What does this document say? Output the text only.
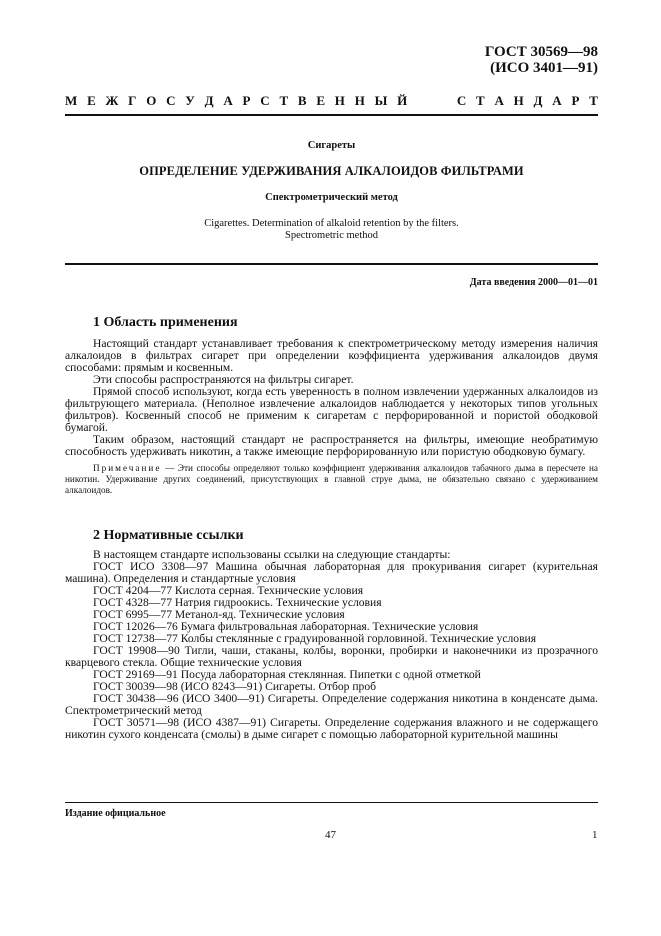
ГОСТ 30569—98
(ИСО 3401—91)
М Е Ж Г О С У Д А Р С Т В Е Н Н Ы Й	С Т А Н Д А Р Т
Сигареты
ОПРЕДЕЛЕНИЕ УДЕРЖИВАНИЯ АЛКАЛОИДОВ ФИЛЬТРАМИ
Спектрометрический метод
Cigarettes. Determination of alkaloid retention by the filters.
Spectrometric method
Дата введения 2000—01—01
1 Область применения

Настоящий стандарт устанавливает требования к спектрометрическому методу измерения наличия алкалоидов в фильтрах сигарет при определении коэффициента удерживания алкалоидов двумя способами: прямым и косвенным.

Эти способы распространяются на фильтры сигарет.

Прямой способ используют, когда есть уверенность в полном извлечении удержанных алкалоидов из фильтрующего материала. (Неполное извлечение алкалоидов наблюдается у некоторых типов угольных фильтров). Косвенный способ не применим к сигаретам с перфорированной и пористой ободковой бумагой.

Таким образом, настоящий стандарт не распространяется на фильтры, имеющие необратимую способность удерживать никотин, а также имеющие перфорированную или пористую ободковую бумагу.

Примечание — Эти способы определяют только коэффициент удерживания алкалоидов табачного дыма в пересчете на никотин. Удерживание других соединений, присутствующих в главной струе дыма, не обязательно связано с удерживанием алкалоидов.

2 Нормативные ссылки

В настоящем стандарте использованы ссылки на следующие стандарты:

ГОСТ ИСО 3308—97 Машина обычная лабораторная для прокуривания сигарет (курительная машина). Определения и стандартные условия

ГОСТ 4204—77 Кислота серная. Технические условия

ГОСТ 4328—77 Натрия гидроокись. Технические условия

ГОСТ 6995—77 Метанол-яд. Технические условия

ГОСТ 12026—76 Бумага фильтровальная лабораторная. Технические условия

ГОСТ 12738—77 Колбы стеклянные с градуированной горловиной. Технические условия

ГОСТ 19908—90 Тигли, чаши, стаканы, колбы, воронки, пробирки и наконечники из прозрачного кварцевого стекла. Общие технические условия

ГОСТ 29169—91 Посуда лабораторная стеклянная. Пипетки с одной отметкой

ГОСТ 30039—98 (ИСО 8243—91) Сигареты. Отбор проб

ГОСТ 30438—96 (ИСО 3400—91) Сигареты. Определение содержания никотина в конденсате дыма. Спектрометрический метод

ГОСТ 30571—98 (ИСО 4387—91) Сигареты. Определение содержания влажного и не содержащего никотин сухого конденсата (смолы) в дыме сигарет с помощью лабораторной курительной машины

Издание официальное
47	1
